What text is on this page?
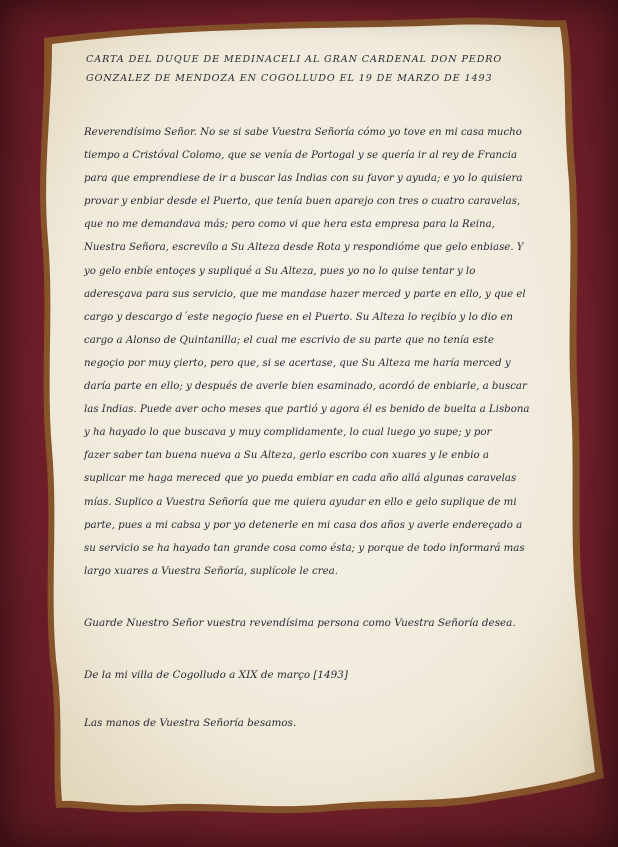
CARTA DEL DUQUE DE MEDINACELI AL GRAN CARDENAL DON PEDRO
GONZALEZ DE MENDOZA EN COGOLLUDO EL 19 DE MARZO DE 1493
Reverendísimo Señor. No se si sabe Vuestra Señoría cómo yo tove en mi casa mucho
tiempo a Cristóval Colomo, que se venía de Portogal y se quería ir al rey de Francia
para que emprendiese de ir a buscar las Indias con su favor y ayuda; e yo lo quisiera
provar y enbiar desde el Puerto, que tenía buen aparejo con tres o cuatro caravelas,
que no me demandava más; pero como vi que hera esta empresa para la Reina,
Nuestra Señora, escrevílo a Su Alteza desde Rota y respondióme que gelo enbiase. Y
yo gelo enbíe entoçes y supliqué a Su Alteza, pues yo no lo quise tentar y lo
aderesçava para sus servicio, que me mandase hazer merced y parte en ello, y que el
cargo y descargo d´este negoçio fuese en el Puerto. Su Alteza lo reçibío y lo dio en
cargo a Alonso de Quintanilla; el cual me escrivio de su parte que no tenía este
negoçio por muy çierto, pero que, si se acertase, que Su Alteza me haría merced y
daría parte en ello; y después de averle bien esaminado, acordó de enbiarle, a buscar
las Indias. Puede aver ocho meses que partió y agora él es benido de buelta a Lisbona
y ha hayado lo que buscava y muy complidamente, lo cual luego yo supe; y por
fazer saber tan buena nueva a Su Alteza, gerlo escribo con xuares y le enbio a
suplicar me haga mereced que yo pueda embiar en cada año allá algunas caravelas
mías. Suplico a Vuestra Señoría que me quiera ayudar en ello e gelo suplique de mi
parte, pues a mi cabsa y por yo detenerle en mi casa dos años y averle endereçado a
su servicio se ha hayado tan grande cosa como ésta; y porque de todo informará mas
largo xuares a Vuestra Señoría, suplícole le crea.
Guarde Nuestro Señor vuestra revendísima persona como Vuestra Señoría desea.
De la mi villa de Cogolludo a XIX de março [1493]
Las manos de Vuestra Señoría besamos.
